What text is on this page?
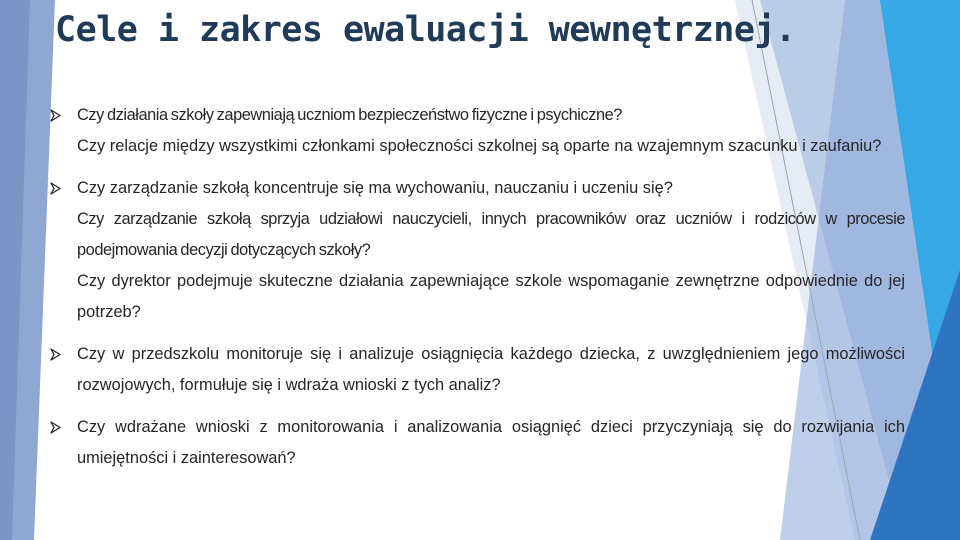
Cele i zakres ewaluacji wewnętrznej.

Czy działania szkoły zapewniają uczniom bezpieczeństwo fizyczne i psychiczne?

Czy relacje między wszystkimi członkami społeczności szkolnej są oparte na wzajemnym szacunku i zaufaniu?

Czy zarządzanie szkołą koncentruje się ma wychowaniu, nauczaniu i uczeniu się?

Czy zarządzanie szkołą sprzyja udziałowi nauczycieli, innych pracowników oraz uczniów i rodziców w procesie podejmowania decyzji dotyczących szkoły?

Czy dyrektor podejmuje skuteczne działania zapewniające szkole wspomaganie zewnętrzne odpowiednie do jej potrzeb?

Czy w przedszkolu monitoruje się i analizuje osiągnięcia każdego dziecka, z uwzględnieniem jego możliwości rozwojowych, formułuje się i wdraża wnioski z tych analiz?

Czy wdrażane wnioski z monitorowania i analizowania osiągnięć dzieci przyczyniają się do rozwijania ich umiejętności i zainteresowań?
